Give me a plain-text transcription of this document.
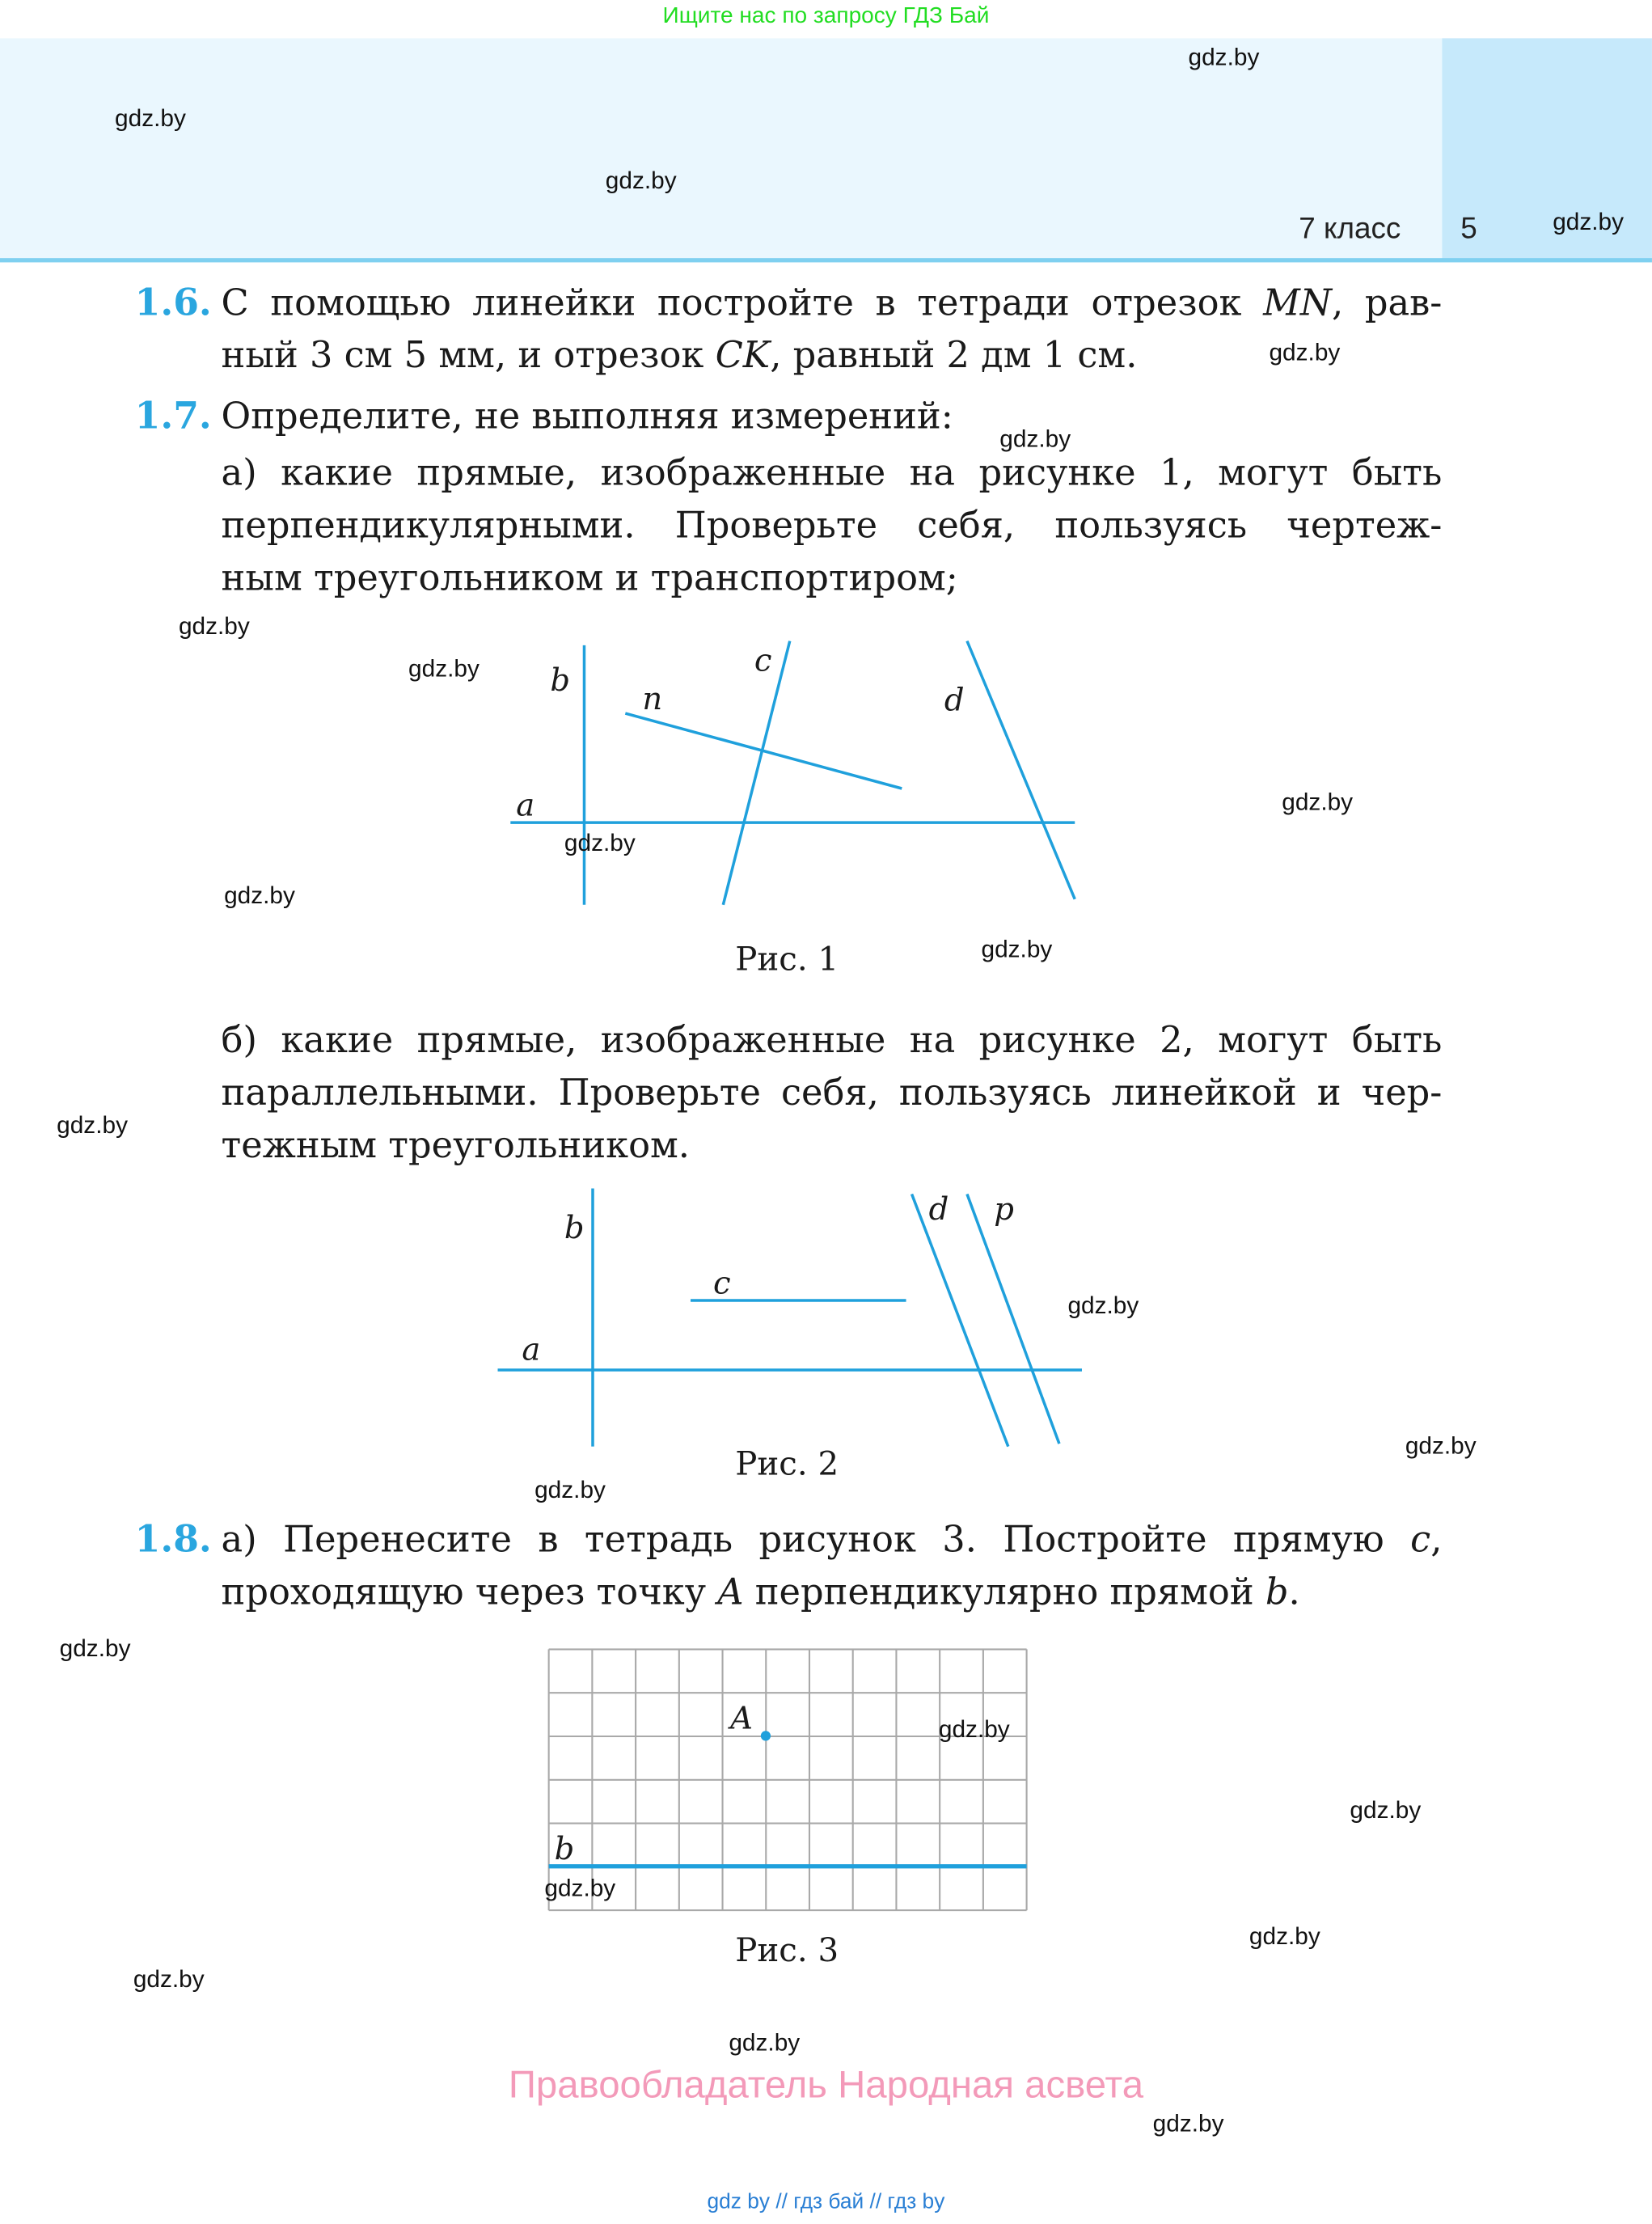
Ищите нас по запросу ГДЗ Бай
7 класс	5
1.6. С помощью линейки постройте в тетради отрезок MN, рав-
ный 3 см 5 мм, и отрезок CK, равный 2 дм 1 см.
1.7. Определите, не выполняя измерений:
а) какие прямые, изображенные на рисунке 1, могут быть
перпендикулярными. Проверьте себя, пользуясь чертеж-
ным треугольником и транспортиром;
b
n
c
d
a
b
c
a
d	p
A
b
Рис. 1
б) какие прямые, изображенные на рисунке 2, могут быть
параллельными. Проверьте себя, пользуясь линейкой и чер-
тежным треугольником.
Рис. 2
1.8. а) Перенесите в тетрадь рисунок 3. Постройте прямую c,
проходящую через точку A перпендикулярно прямой b.
Рис. 3
gdz.by
gdz.by
gdz.by
gdz.by
gdz.by
gdz.by
gdz.by
gdz.by
gdz.by
gdz.by
gdz.by
gdz.by
gdz.by
gdz.by
gdz.by
gdz.by
gdz.by
gdz.by
gdz.by
gdz.by
gdz.by
gdz.by
gdz.by
gdz.by
Правообладатель Народная асвета
gdz by // гдз бай // гдз by
